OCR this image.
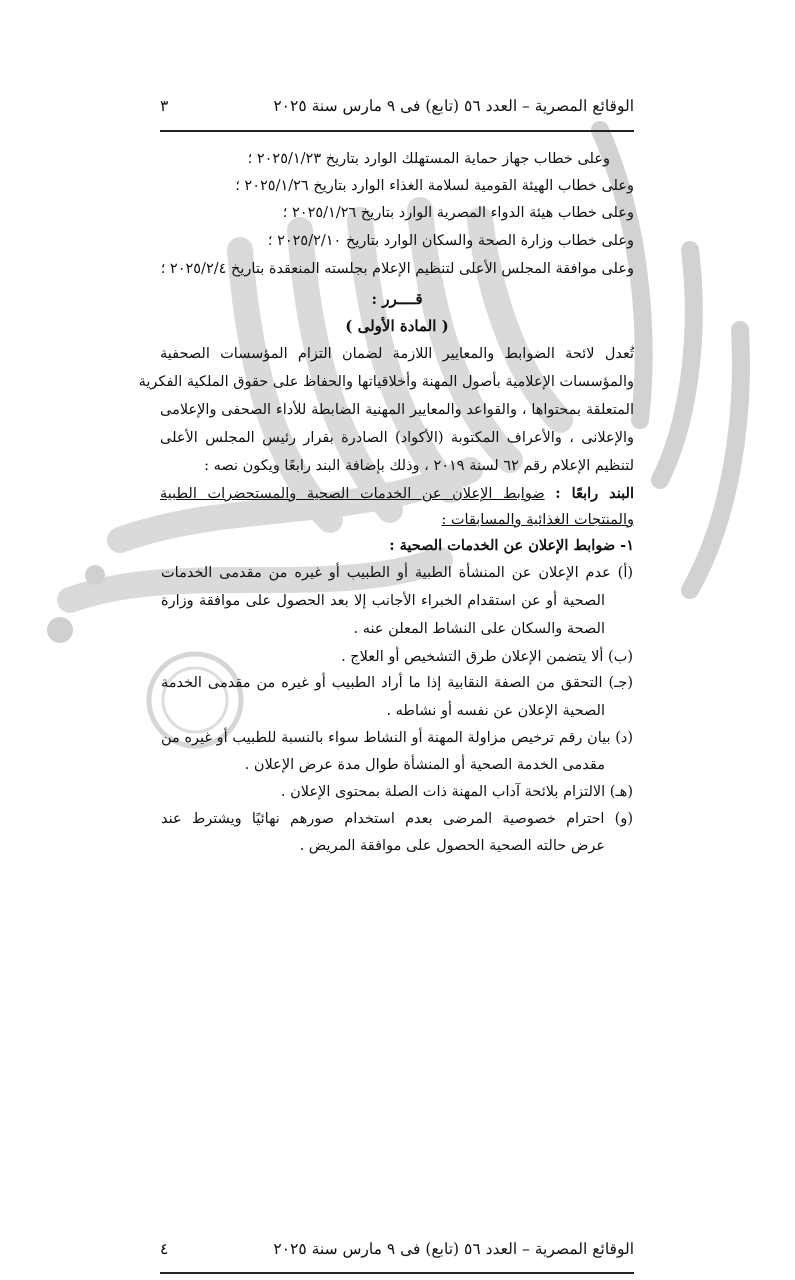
الوقائع المصرية – العدد ٥٦ (تابع) فى ٩ مارس سنة ٢٠٢٥
٣
وعلى خطاب جهاز حماية المستهلك الوارد بتاريخ ٢٠٢٥/١/٢٣ ؛
وعلى خطاب الهيئة القومية لسلامة الغذاء الوارد بتاريخ ٢٠٢٥/١/٢٦ ؛
وعلى خطاب هيئة الدواء المصرية الوارد بتاريخ ٢٠٢٥/١/٢٦ ؛
وعلى خطاب وزارة الصحة والسكان الوارد بتاريخ ٢٠٢٥/٢/١٠ ؛
وعلى موافقة المجلس الأعلى لتنظيم الإعلام بجلسته المنعقدة بتاريخ ٢٠٢٥/٢/٤ ؛
قــــرر :
( المادة الأولى )
تُعدل لائحة الضوابط والمعايير اللازمة لضمان التزام المؤسسات الصحفية
والمؤسسات الإعلامية بأصول المهنة وأخلاقياتها والحفاظ على حقوق الملكية الفكرية
المتعلقة بمحتواها ، والقواعد والمعايير المهنية الضابطة للأداء الصحفى والإعلامى
والإعلانى ، والأعراف المكتوبة (الأكواد) الصادرة بقرار رئيس المجلس الأعلى
لتنظيم الإعلام رقم ٦٢ لسنة ٢٠١٩ ، وذلك بإضافة البند رابعًا ويكون نصه :
البند رابعًا : ضوابط الإعلان عن الخدمات الصحية والمستحضرات الطبية
والمنتجات الغذائية والمسابقات :
١- ضوابط الإعلان عن الخدمات الصحية :
(أ) عدم الإعلان عن المنشأة الطبية أو الطبيب أو غيره من مقدمى الخدمات
الصحية أو عن استقدام الخبراء الأجانب إلا بعد الحصول على موافقة وزارة
الصحة والسكان على النشاط المعلن عنه .
(ب) ألا يتضمن الإعلان طرق التشخيص أو العلاج .
(جـ) التحقق من الصفة النقابية إذا ما أراد الطبيب أو غيره من مقدمى الخدمة
الصحية الإعلان عن نفسه أو نشاطه .
(د) بيان رقم ترخيص مزاولة المهنة أو النشاط سواء بالنسبة للطبيب أو غيره من
مقدمى الخدمة الصحية أو المنشأة طوال مدة عرض الإعلان .
(هـ) الالتزام بلائحة آداب المهنة ذات الصلة بمحتوى الإعلان .
(و) احترام خصوصية المرضى بعدم استخدام صورهم نهائيًا ويشترط عند
عرض حالته الصحية الحصول على موافقة المريض .
الوقائع المصرية – العدد ٥٦ (تابع) فى ٩ مارس سنة ٢٠٢٥
٤
